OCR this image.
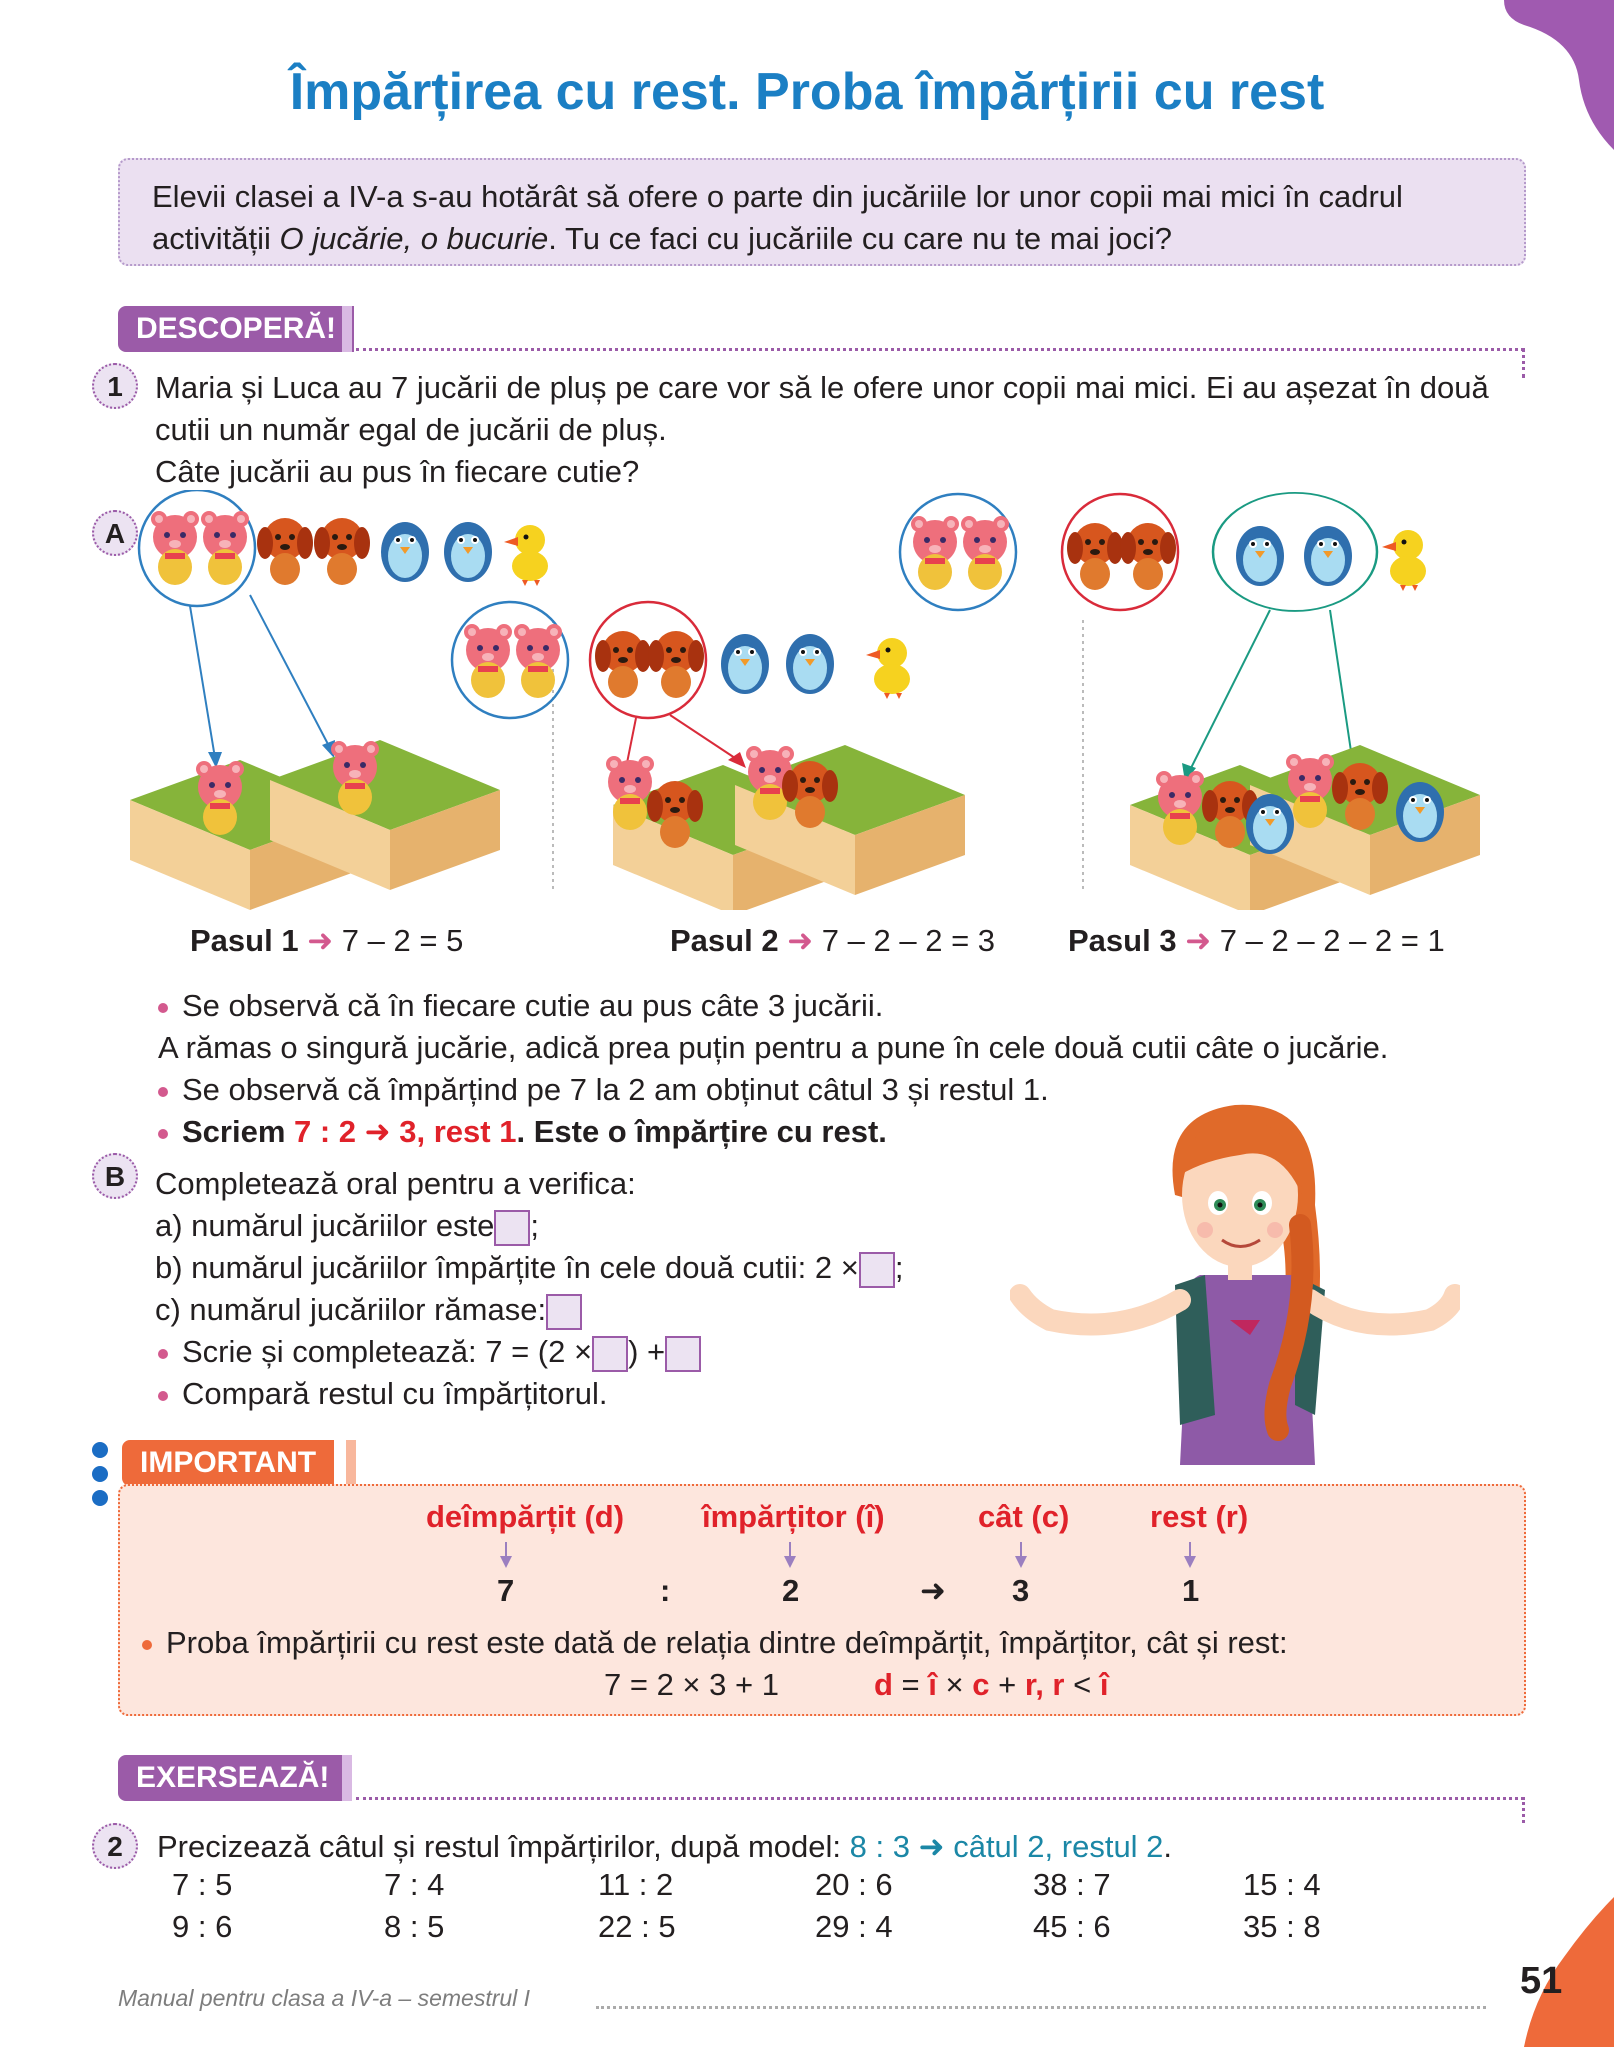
Împărțirea cu rest. Proba împărțirii cu rest
Elevii clasei a IV-a s-au hotărât să ofere o parte din jucăriile lor unor copii mai mici în cadrul
activității O jucărie, o bucurie. Tu ce faci cu jucăriile cu care nu te mai joci?
DESCOPERĂ!
1	Maria și Luca au 7 jucării de pluș pe care vor să le ofere unor copii mai mici. Ei au așezat în două
cutii un număr egal de jucării de pluș.
Câte jucării au pus în fiecare cutie?
A
Pasul 1 ➜ 7 – 2 = 5	Pasul 2 ➜ 7 – 2 – 2 = 3 Pasul 3 ➜ 7 – 2 – 2 – 2 = 1
Se observă că în fiecare cutie au pus câte 3 jucării.
A rămas o singură jucărie, adică prea puțin pentru a pune în cele două cutii câte o jucărie.
Se observă că împărțind pe 7 la 2 am obținut câtul 3 și restul 1.
Scriem 7 : 2 ➜ 3, rest 1. Este o împărțire cu rest.
B Completează oral pentru a verifica:
a) numărul jucăriilor este ;
b) numărul jucăriilor împărțite în cele două cutii: 2 × ;
c) numărul jucăriilor rămase:
Scrie și completează: 7 = (2 × ) +
Compară restul cu împărțitorul.
IMPORTANT
deîmpărțit (d)	împărțitor (î)	cât (c)	rest (r)
7	:	2	➜ 3	1
Proba împărțirii cu rest este dată de relația dintre deîmpărțit, împărțitor, cât și rest:
7 = 2 × 3 + 1	d = î × c + r, r < î
EXERSEAZĂ!
2	Precizează câtul și restul împărțirilor, după model: 8 : 3 ➜ câtul 2, restul 2.
7 : 5	7 : 4	11 : 2	20 : 6	38 : 7	15 : 4
9 : 6	8 : 5	22 : 5	29 : 4	45 : 6	35 : 8
Manual pentru clasa a IV-a – semestrul I	51
